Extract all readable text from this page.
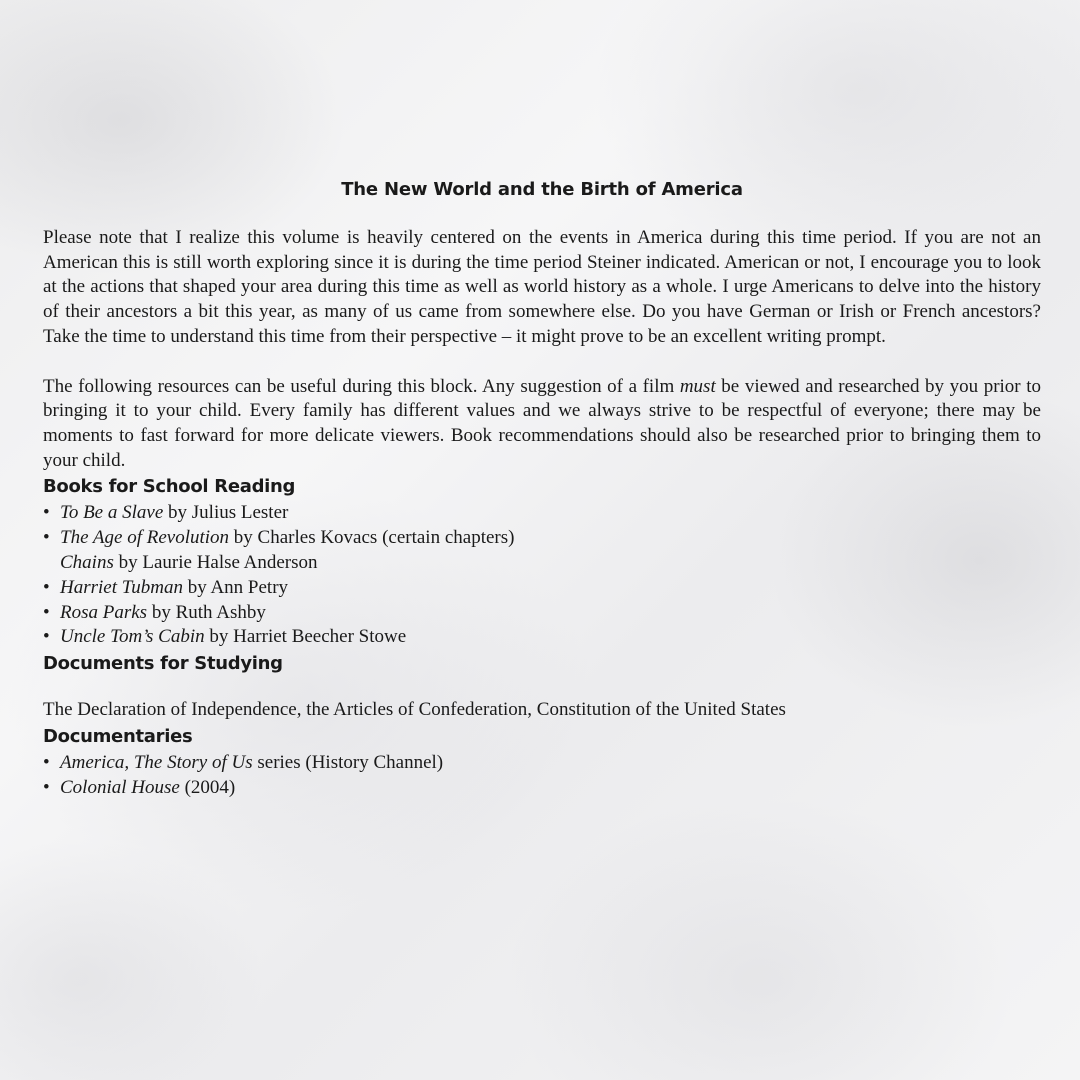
The New World and the Birth of America

Please note that I realize this volume is heavily centered on the events in America during this time period. If you are not an American this is still worth exploring since it is during the time period Steiner indicated. American or not, I encourage you to look at the actions that shaped your area during this time as well as world history as a whole. I urge Americans to delve into the history of their ancestors a bit this year, as many of us came from somewhere else. Do you have German or Irish or French ancestors? Take the time to understand this time from their perspective – it might prove to be an excellent writing prompt.

The following resources can be useful during this block. Any suggestion of a film must be viewed and researched by you prior to bringing it to your child. Every family has different values and we always strive to be respectful of everyone; there may be moments to fast forward for more delicate viewers. Book recommendations should also be researched prior to bringing them to your child.

Books for School Reading
• To Be a Slave by Julius Lester
• The Age of Revolution by Charles Kovacs (certain chapters)
Chains by Laurie Halse Anderson
• Harriet Tubman by Ann Petry
• Rosa Parks by Ruth Ashby
• Uncle Tom’s Cabin by Harriet Beecher Stowe
Documents for Studying

The Declaration of Independence, the Articles of Confederation, Constitution of the United States

Documentaries
• America, The Story of Us series (History Channel)
• Colonial House (2004)
